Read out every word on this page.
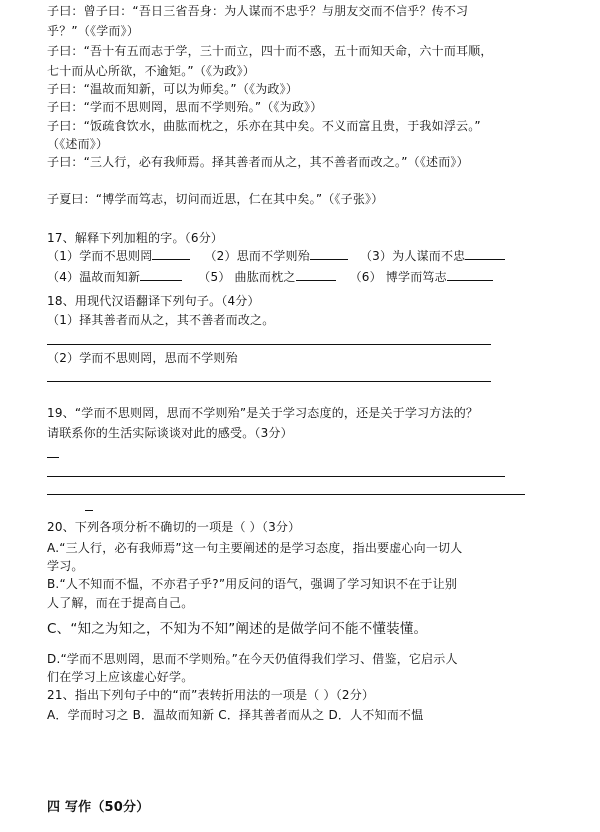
子曰：曾子曰：“吾日三省吾身：为人谋而不忠乎？与朋友交而不信乎？传不习
乎？”（《学而》）
子曰：“吾十有五而志于学，三十而立，四十而不惑，五十而知天命，六十而耳顺，
七十而从心所欲，不逾矩。”（《为政》）
子曰：“温故而知新，可以为师矣。”（《为政》）
子曰：“学而不思则罔，思而不学则殆。”（《为政》）
子曰：“饭疏食饮水，曲肱而枕之，乐亦在其中矣。不义而富且贵，于我如浮云。”
（《述而》）
子曰：“三人行，必有我师焉。择其善者而从之，其不善者而改之。”（《述而》）
子夏曰：“博学而笃志，切问而近思，仁在其中矣。”（《子张》）
17、解释下列加粗的字。（6分）
（1）学而不思则罔	（2）思而不学则殆	（3）为人谋而不忠
（4）温故而知新	（5） 曲肱而枕之	（6） 博学而笃志
18、用现代汉语翻译下列句子。（4分）
（1）择其善者而从之，其不善者而改之。
（2）学而不思则罔，思而不学则殆
19、“学而不思则罔，思而不学则殆”是关于学习态度的，还是关于学习方法的？
请联系你的生活实际谈谈对此的感受。（3分）
20、下列各项分析不确切的一项是（ ）（3分）
A.“三人行，必有我师焉”这一句主要阐述的是学习态度，指出要虚心向一切人
学习。
B.“人不知而不愠，不亦君子乎?”用反问的语气，强调了学习知识不在于让别
人了解，而在于提高自己。
C、“知之为知之，不知为不知”阐述的是做学问不能不懂装懂。
D.“学而不思则罔，思而不学则殆。”在今天仍值得我们学习、借鉴，它启示人
们在学习上应该虚心好学。
21、指出下列句子中的“而”表转折用法的一项是（ ）（2分）
A．学而时习之 B．温故而知新 C．择其善者而从之 D．人不知而不愠
四 写作（50分）
